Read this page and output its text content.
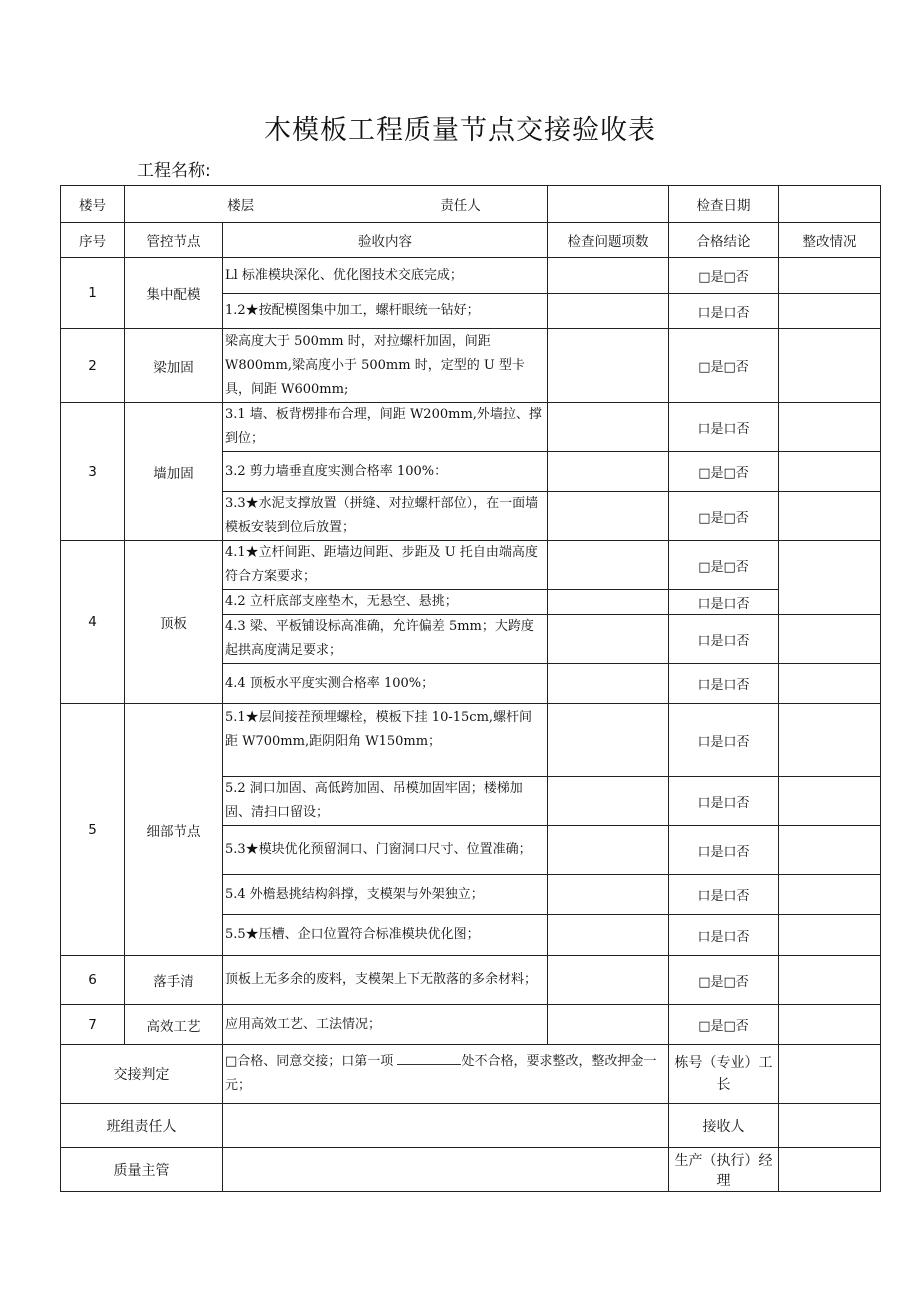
木模板工程质量节点交接验收表
工程名称:
楼号	楼层 责任人			检查日期	
序号	管控节点	验收内容	检查问题项数	合格结论	整改情况
1	集中配模	Ll 标准模块深化、优化图技术交底完成；		□是□否	
		1.2★按配模图集中加工，螺杆眼统一钻好；		口是口否	
2	梁加固	梁高度大于 500mm 时，对拉螺杆加固，间距W800mm,梁高度小于 500mm 时，定型的 U 型卡具，间距 W600mm;		□是□否	
3	墙加固	3.1 墙、板背楞排布合理，间距 W200mm,外墙拉、撑到位；		口是口否	
		3.2 剪力墙垂直度实测合格率 100%：		□是□否	
		3.3★水泥支撑放置（拼缝、对拉螺杆部位），在一面墙模板安装到位后放置；		□是□否	
4	顶板	4.1★立杆间距、距墙边间距、步距及 U 托自由端高度符合方案要求；		□是□否	
		4.2 立杆底部支座垫木，无悬空、悬挑；		口是口否	
		4.3 梁、平板铺设标高准确，允许偏差 5mm；大跨度起拱高度满足要求；		口是口否	
		4.4 顶板水平度实测合格率 100%；		口是口否	
5	细部节点	5.1★层间接茬预埋螺栓，模板下挂 10-15cm,螺杆间距 W700mm,距阴阳角 W150mm；		口是口否	
		5.2 洞口加固、高低跨加固、吊模加固牢固；楼梯加固、清扫口留设；		口是口否	
		5.3★模块优化预留洞口、门窗洞口尺寸、位置准确；		口是口否	
		5.4 外檐悬挑结构斜撑，支模架与外架独立；		口是口否	
		5.5★压槽、企口位置符合标准模块优化图；		口是口否	
6	落手清	顶板上无多余的废料，支模架上下无散落的多余材料；		□是□否	
7	高效工艺	应用高效工艺、工法情况；		□是□否	
交接判定		□合格、同意交接；口第一项 处不合格，要求整改，整改押金一元；		栋号（专业）工长	
班组责任人				接收人	
质量主管				生产（执行）经理	
